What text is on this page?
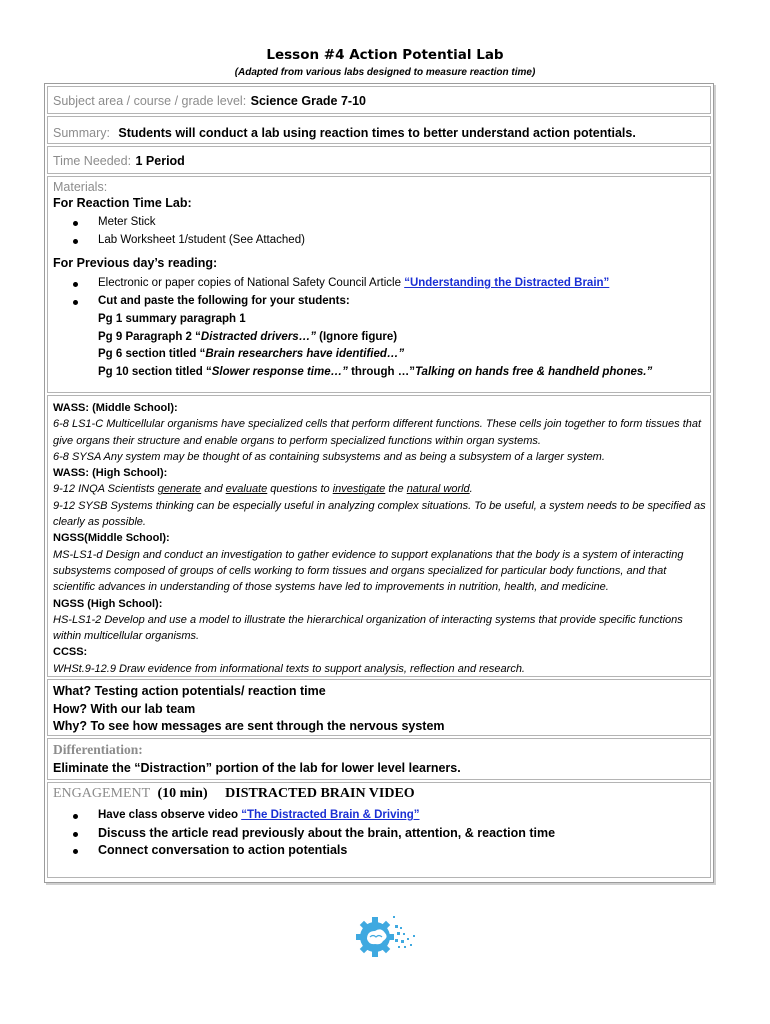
Lesson #4 Action Potential Lab
(Adapted from various labs designed to measure reaction time)
Subject area / course / grade level: Science Grade 7-10
Summary: Students will conduct a lab using reaction times to better understand action potentials.
Time Needed: 1 Period
Materials:
For Reaction Time Lab:
Meter Stick
Lab Worksheet 1/student (See Attached)
For Previous day’s reading:
Electronic or paper copies of National Safety Council Article “Understanding the Distracted Brain”
Cut and paste the following for your students:
Pg 1 summary paragraph 1
Pg 9 Paragraph 2 “Distracted drivers…” (Ignore figure)
Pg 6 section titled “Brain researchers have identified…”
Pg 10 section titled “Slower response time…” through …”Talking on hands free & handheld phones.”
WASS: (Middle School):
6-8 LS1-C Multicellular organisms have specialized cells that perform different functions. These cells join together to form tissues that give organs their structure and enable organs to perform specialized functions within organ systems.
6-8 SYSA Any system may be thought of as containing subsystems and as being a subsystem of a larger system.
WASS: (High School):
9-12 INQA Scientists generate and evaluate questions to investigate the natural world.
9-12 SYSB Systems thinking can be especially useful in analyzing complex situations. To be useful, a system needs to be specified as clearly as possible.
NGSS(Middle School):
MS-LS1-d Design and conduct an investigation to gather evidence to support explanations that the body is a system of interacting subsystems composed of groups of cells working to form tissues and organs specialized for particular body functions, and that scientific advances in understanding of those systems have led to improvements in nutrition, health, and medicine.
NGSS (High School):
HS-LS1-2 Develop and use a model to illustrate the hierarchical organization of interacting systems that provide specific functions within multicellular organisms.
CCSS:
WHSt.9-12.9 Draw evidence from informational texts to support analysis, reflection and research.
What? Testing action potentials/ reaction time
How? With our lab team
Why? To see how messages are sent through the nervous system
Differentiation:
Eliminate the “Distraction” portion of the lab for lower level learners.
ENGAGEMENT (10 min) DISTRACTED BRAIN VIDEO
Have class observe video “The Distracted Brain & Driving”
Discuss the article read previously about the brain, attention, & reaction time
Connect conversation to action potentials
